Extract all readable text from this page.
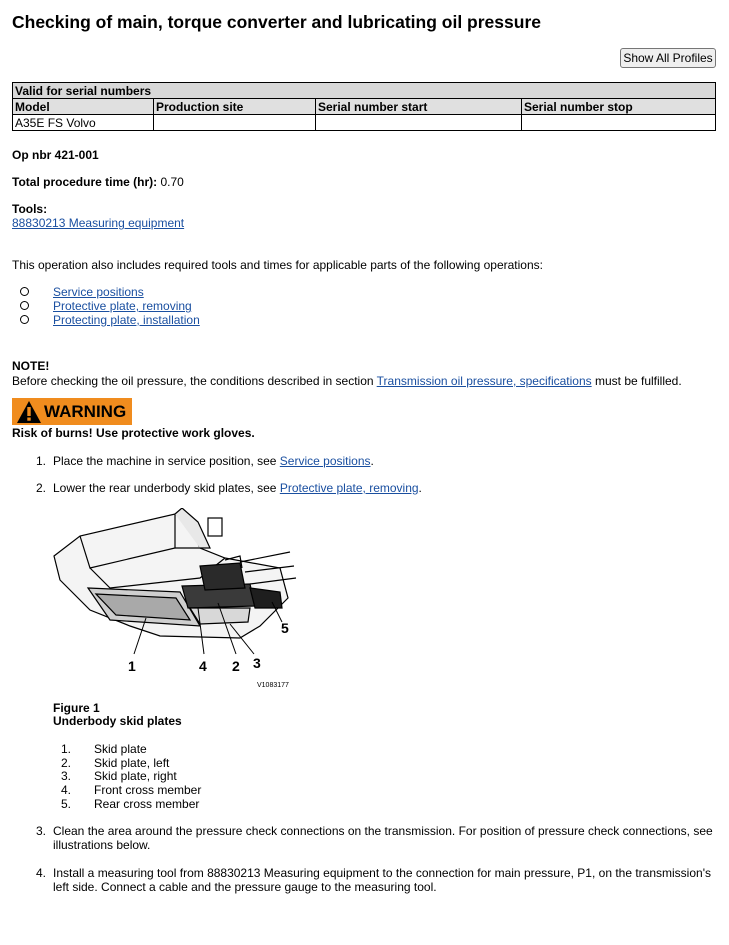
Checking of main, torque converter and lubricating oil pressure
Show All Profiles
Valid for serial numbers			
Model	Production site	Serial number start	Serial number stop
A35E FS Volvo			
Op nbr 421-001
Total procedure time (hr): 0.70
Tools:
88830213 Measuring equipment
This operation also includes required tools and times for applicable parts of the following operations:
Service positions
Protective plate, removing
Protecting plate, installation
NOTE!
Before checking the oil pressure, the conditions described in section Transmission oil pressure, specifications must be fulfilled.
WARNING
Risk of burns! Use protective work gloves.
1. Place the machine in service position, see Service positions.
2. Lower the rear underbody skid plates, see Protective plate, removing.
1	4 2 3
5
V1083177
Figure 1
Underbody skid plates
1. Skid plate
2. Skid plate, left
3. Skid plate, right
4. Front cross member
5. Rear cross member
3. Clean the area around the pressure check connections on the transmission. For position of pressure check connections, see illustrations below.
4. Install a measuring tool from 88830213 Measuring equipment to the connection for main pressure, P1, on the transmission's left side. Connect a cable and the pressure gauge to the measuring tool.
